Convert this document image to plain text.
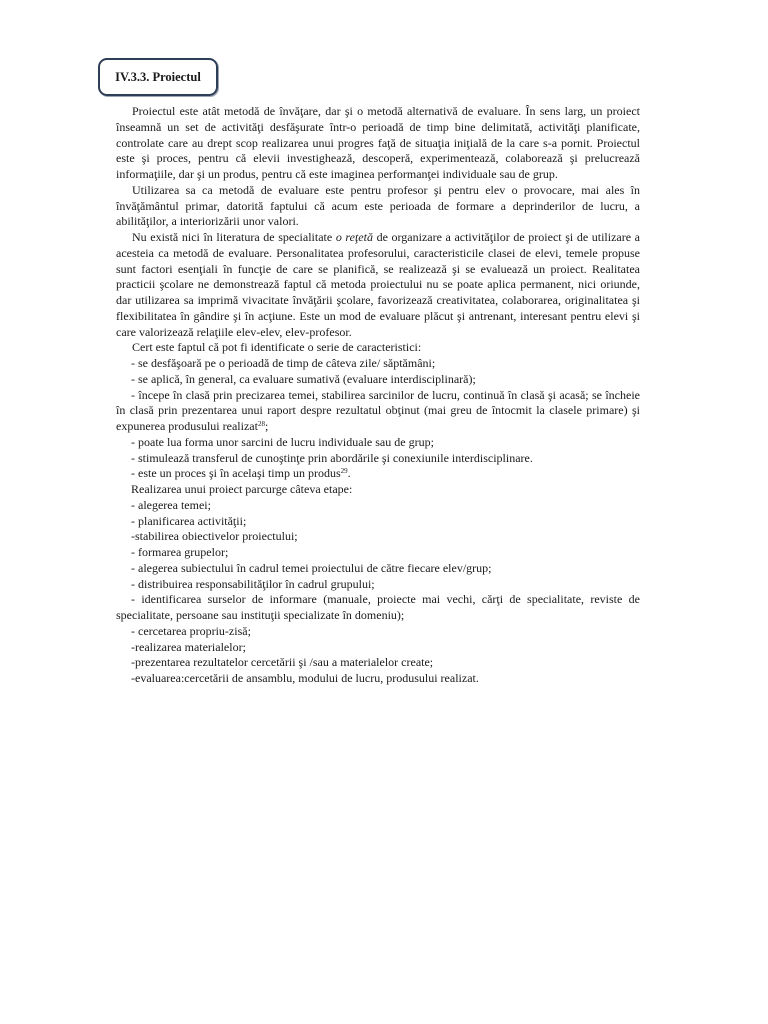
IV.3.3. Proiectul

Proiectul este atât metodă de învăţare, dar şi o metodă alternativă de evaluare. În sens larg, un proiect înseamnă un set de activităţi desfăşurate într-o perioadă de timp bine delimitată, activităţi planificate, controlate care au drept scop realizarea unui progres faţă de situaţia iniţială de la care s-a pornit. Proiectul este şi proces, pentru că elevii investighează, descoperă, experimentează, colaborează şi prelucrează informaţiile, dar şi un produs, pentru că este imaginea performanţei individuale sau de grup.

Utilizarea sa ca metodă de evaluare este pentru profesor şi pentru elev o provocare, mai ales în învăţământul primar, datorită faptului că acum este perioada de formare a deprinderilor de lucru, a abilităţilor, a interiorizării unor valori.

Nu există nici în literatura de specialitate o reţetă de organizare a activităţilor de proiect şi de utilizare a acesteia ca metodă de evaluare. Personalitatea profesorului, caracteristicile clasei de elevi, temele propuse sunt factori esenţiali în funcţie de care se planifică, se realizează şi se evaluează un proiect. Realitatea practicii şcolare ne demonstrează faptul că metoda proiectului nu se poate aplica permanent, nici oriunde, dar utilizarea sa imprimă vivacitate învăţării şcolare, favorizează creativitatea, colaborarea, originalitatea şi flexibilitatea în gândire şi în acţiune. Este un mod de evaluare plăcut şi antrenant, interesant pentru elevi şi care valorizează relaţiile elev-elev, elev-profesor.

Cert este faptul că pot fi identificate o serie de caracteristici:

- se desfăşoară pe o perioadă de timp de câteva zile/ săptămâni;

- se aplică, în general, ca evaluare sumativă (evaluare interdisciplinară);

- începe în clasă prin precizarea temei, stabilirea sarcinilor de lucru, continuă în clasă şi acasă; se încheie în clasă prin prezentarea unui raport despre rezultatul obţinut (mai greu de întocmit la clasele primare) şi expunerea produsului realizat$^{28}$;

- poate lua forma unor sarcini de lucru individuale sau de grup;

- stimulează transferul de cunoştinţe prin abordările şi conexiunile interdisciplinare.

- este un proces şi în acelaşi timp un produs$^{29}$.

Realizarea unui proiect parcurge câteva etape:

- alegerea temei;

- planificarea activităţii;

-stabilirea obiectivelor proiectului;

- formarea grupelor;

- alegerea subiectului în cadrul temei proiectului de către fiecare elev/grup;

- distribuirea responsabilităţilor în cadrul grupului;

- identificarea surselor de informare (manuale, proiecte mai vechi, cărţi de specialitate, reviste de specialitate, persoane sau instituţii specializate în domeniu);

- cercetarea propriu-zisă;

-realizarea materialelor;

-prezentarea rezultatelor cercetării şi /sau a materialelor create;

-evaluarea:cercetării de ansamblu, modului de lucru, produsului realizat.
